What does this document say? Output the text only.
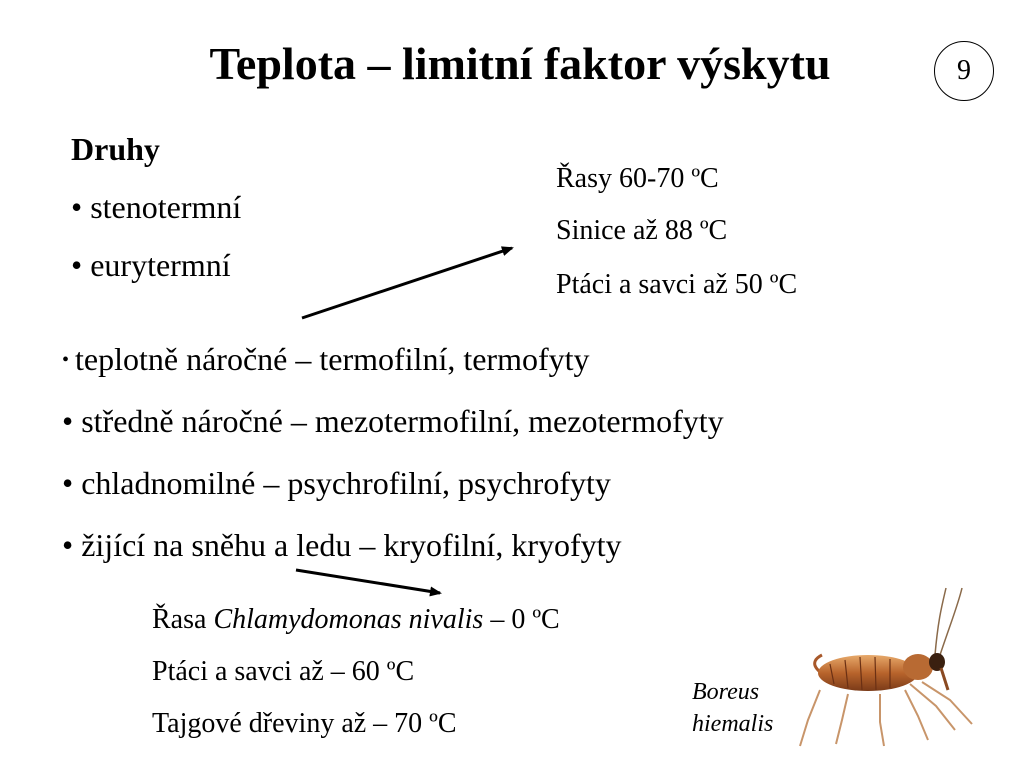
Teplota – limitní faktor výskytu	9
Druhy
• stenotermní
• eurytermní
Řasy 60-70 ºC
Sinice až 88 ºC
Ptáci a savci až 50 ºC
• teplotně náročné – termofilní, termofyty
• středně náročné – mezotermofilní, mezotermofyty
• chladnomilné – psychrofilní, psychrofyty
• žijící na sněhu a ledu – kryofilní, kryofyty
Řasa Chlamydomonas nivalis – 0 ºC
Ptáci a savci až – 60 ºC
Tajgové dřeviny až – 70 ºC
Boreus
hiemalis
